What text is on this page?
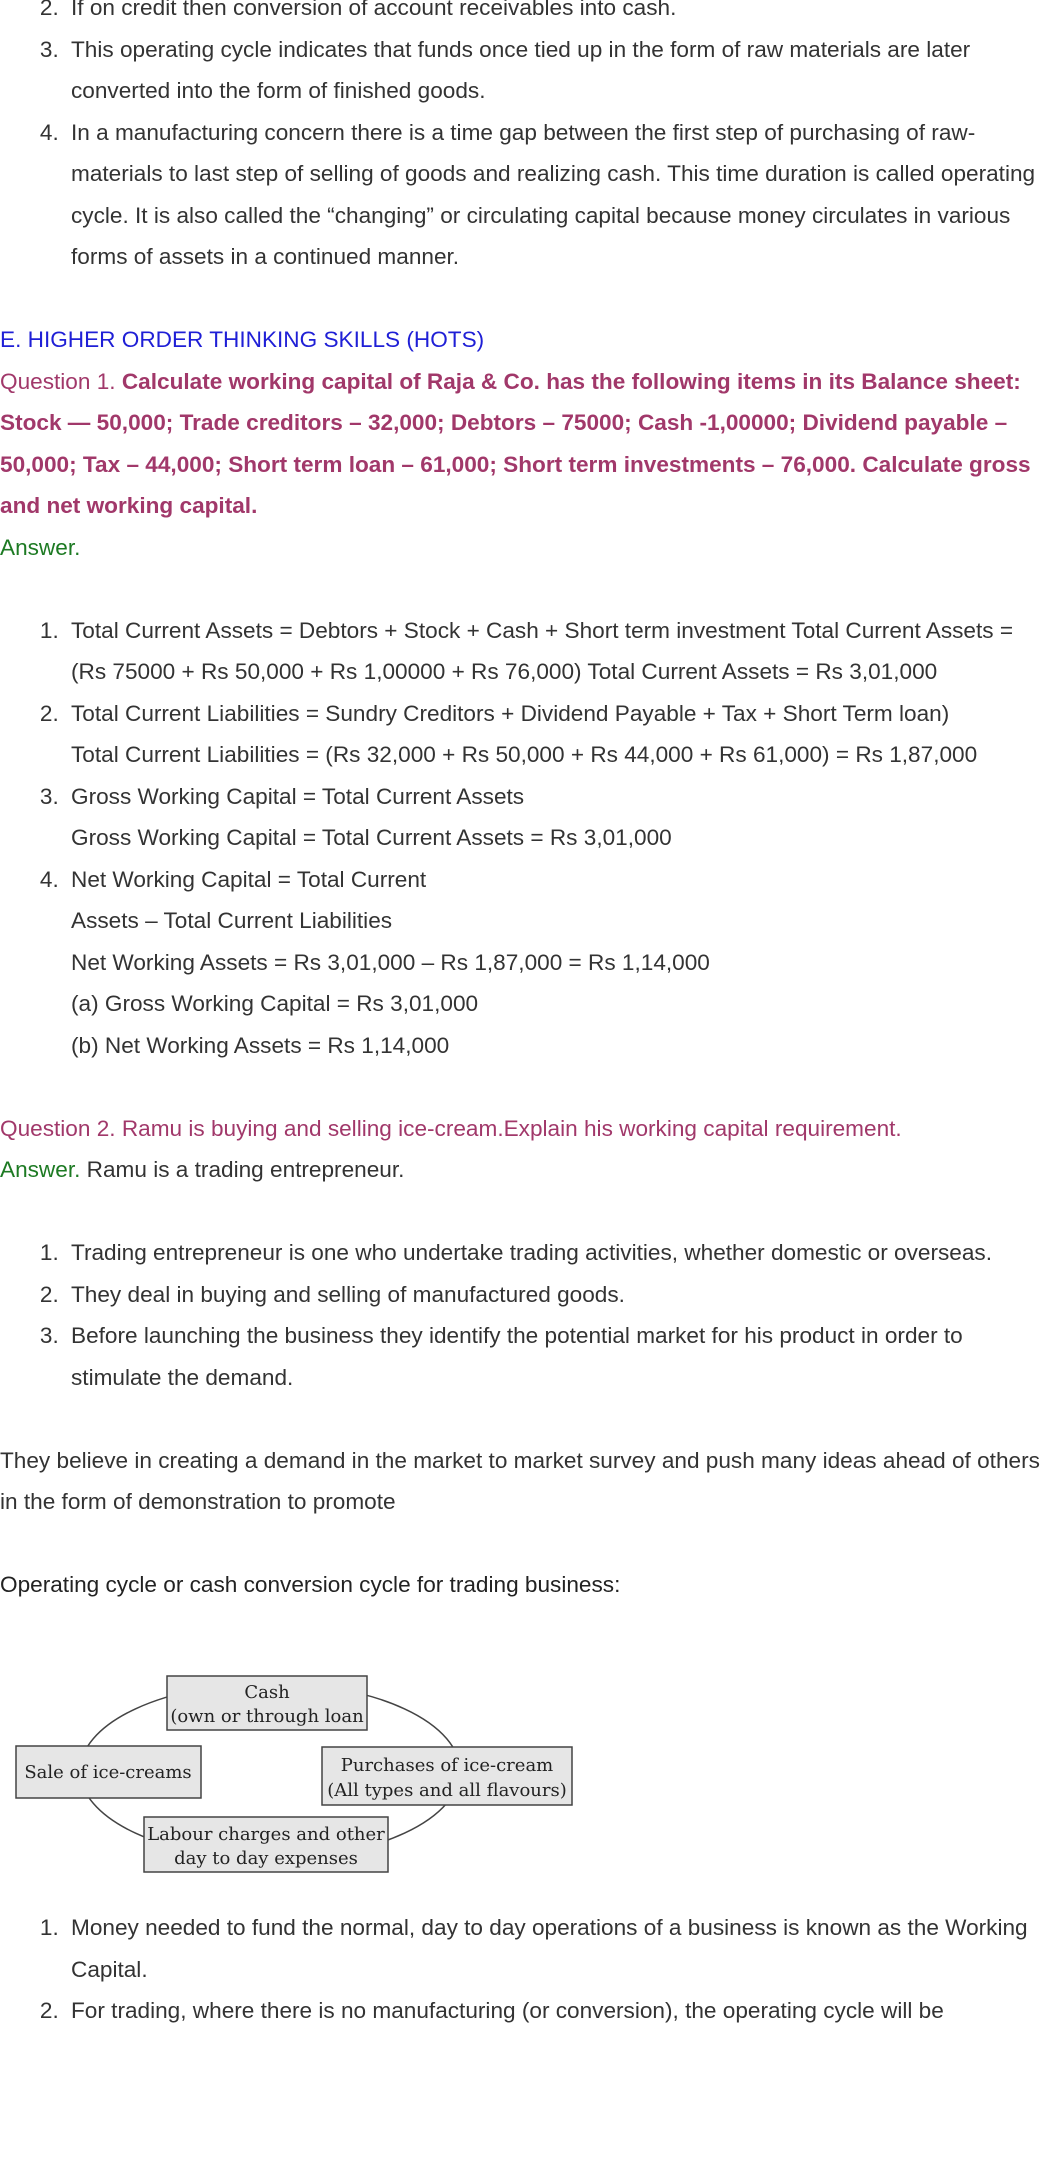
2. If on credit then conversion of account receivables into cash.
3. This operating cycle indicates that funds once tied up in the form of raw materials are later converted into the form of finished goods.
4. In a manufacturing concern there is a time gap between the first step of purchasing of raw-materials to last step of selling of goods and realizing cash. This time duration is called operating cycle. It is also called the “changing” or circulating capital because money circulates in various forms of assets in a continued manner.

E. HIGHER ORDER THINKING SKILLS (HOTS)

Question 1. Calculate working capital of Raja & Co. has the following items in its Balance sheet: Stock — 50,000; Trade creditors – 32,000; Debtors – 75000; Cash -1,00000; Dividend payable – 50,000; Tax – 44,000; Short term loan – 61,000; Short term investments – 76,000. Calculate gross and net working capital.

Answer.

1. Total Current Assets = Debtors + Stock + Cash + Short term investment Total Current Assets = (Rs 75000 + Rs 50,000 + Rs 1,00000 + Rs 76,000) Total Current Assets = Rs 3,01,000
2. Total Current Liabilities = Sundry Creditors + Dividend Payable + Tax + Short Term loan)
Total Current Liabilities = (Rs 32,000 + Rs 50,000 + Rs 44,000 + Rs 61,000) = Rs 1,87,000
3. Gross Working Capital = Total Current Assets
Gross Working Capital = Total Current Assets = Rs 3,01,000
4. Net Working Capital = Total Current
Assets – Total Current Liabilities
Net Working Assets = Rs 3,01,000 – Rs 1,87,000 = Rs 1,14,000
(a) Gross Working Capital = Rs 3,01,000
(b) Net Working Assets = Rs 1,14,000

Question 2. Ramu is buying and selling ice-cream.Explain his working capital requirement.

Answer. Ramu is a trading entrepreneur.

1. Trading entrepreneur is one who undertake trading activities, whether domestic or overseas.
2. They deal in buying and selling of manufactured goods.
3. Before launching the business they identify the potential market for his product in order to stimulate the demand.

They believe in creating a demand in the market to market survey and push many ideas ahead of others in the form of demonstration to promote

Operating cycle or cash conversion cycle for trading business:

Cash
(own or through loan
Sale of ice-creams	Purchases of ice-cream
(All types and all flavours)
Labour charges and other
day to day expenses
1. Money needed to fund the normal, day to day operations of a business is known as the Working Capital.
2. For trading, where there is no manufacturing (or conversion), the operating cycle will be
